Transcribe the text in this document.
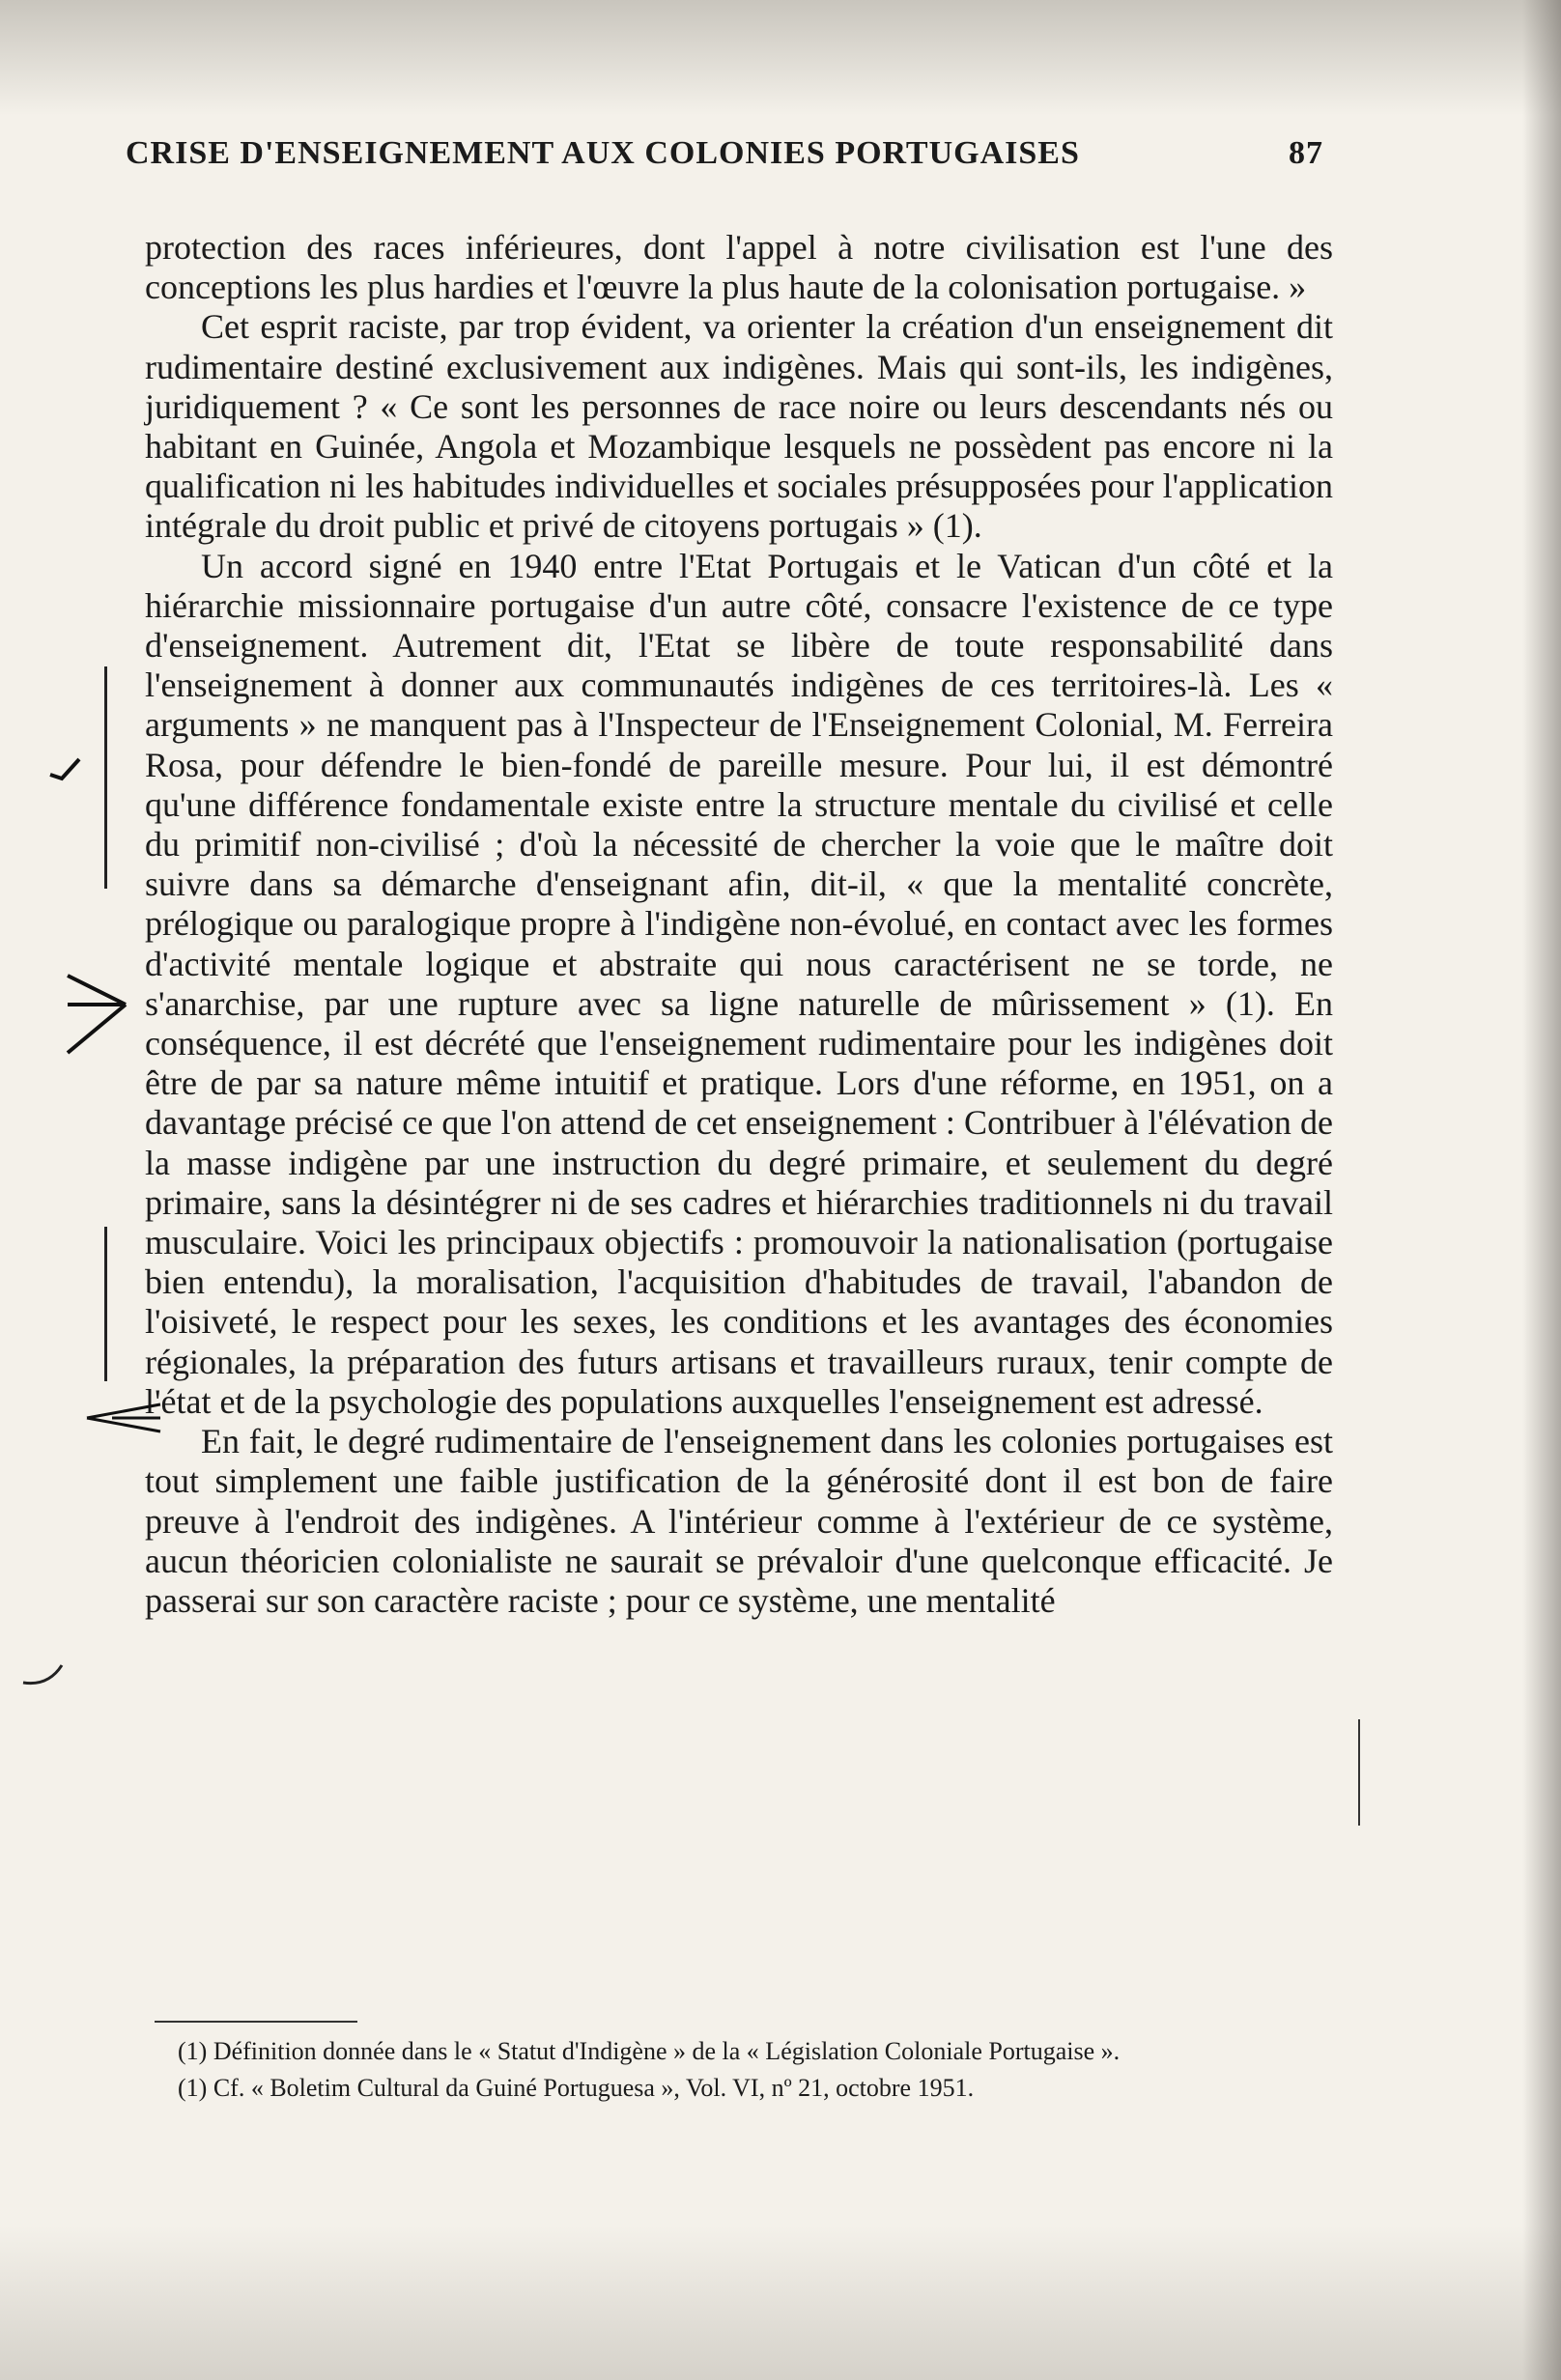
CRISE D'ENSEIGNEMENT AUX COLONIES PORTUGAISES	87

protection des races inférieures, dont l'appel à notre civilisation est l'une des conceptions les plus hardies et l'œuvre la plus haute de la colonisation portugaise. »

Cet esprit raciste, par trop évident, va orienter la création d'un enseignement dit rudimentaire destiné exclusivement aux indigènes. Mais qui sont-ils, les indigènes, juridiquement ? « Ce sont les personnes de race noire ou leurs descendants nés ou habitant en Guinée, Angola et Mozambique lesquels ne possèdent pas encore ni la qualification ni les habitudes individuelles et sociales présupposées pour l'application intégrale du droit public et privé de citoyens portugais » (1).

Un accord signé en 1940 entre l'Etat Portugais et le Vatican d'un côté et la hiérarchie missionnaire portugaise d'un autre côté, consacre l'existence de ce type d'enseignement. Autrement dit, l'Etat se libère de toute responsabilité dans l'enseignement à donner aux communautés indigènes de ces territoires-là. Les « arguments » ne manquent pas à l'Inspecteur de l'Enseignement Colonial, M. Ferreira Rosa, pour défendre le bien-fondé de pareille mesure. Pour lui, il est démontré qu'une différence fondamentale existe entre la structure mentale du civilisé et celle du primitif non-civilisé ; d'où la nécessité de chercher la voie que le maître doit suivre dans sa démarche d'enseignant afin, dit-il, « que la mentalité concrète, prélogique ou paralogique propre à l'indigène non-évolué, en contact avec les formes d'activité mentale logique et abstraite qui nous caractérisent ne se torde, ne s'anarchise, par une rupture avec sa ligne naturelle de mûrissement » (1). En conséquence, il est décrété que l'enseignement rudimentaire pour les indigènes doit être de par sa nature même intuitif et pratique. Lors d'une réforme, en 1951, on a davantage précisé ce que l'on attend de cet enseignement : Contribuer à l'élévation de la masse indigène par une instruction du degré primaire, et seulement du degré primaire, sans la désintégrer ni de ses cadres et hiérarchies traditionnels ni du travail musculaire. Voici les principaux objectifs : promouvoir la nationalisation (portugaise bien entendu), la moralisation, l'acquisition d'habitudes de travail, l'abandon de l'oisiveté, le respect pour les sexes, les conditions et les avantages des économies régionales, la préparation des futurs artisans et travailleurs ruraux, tenir compte de l'état et de la psychologie des populations auxquelles l'enseignement est adressé.

En fait, le degré rudimentaire de l'enseignement dans les colonies portugaises est tout simplement une faible justification de la générosité dont il est bon de faire preuve à l'endroit des indigènes. A l'intérieur comme à l'extérieur de ce système, aucun théoricien colonialiste ne saurait se prévaloir d'une quelconque efficacité. Je passerai sur son caractère raciste ; pour ce système, une mentalité

(1) Définition donnée dans le « Statut d'Indigène » de la « Législation Coloniale Portugaise ».

(1) Cf. « Boletim Cultural da Guiné Portuguesa », Vol. VI, nº 21, octobre 1951.
